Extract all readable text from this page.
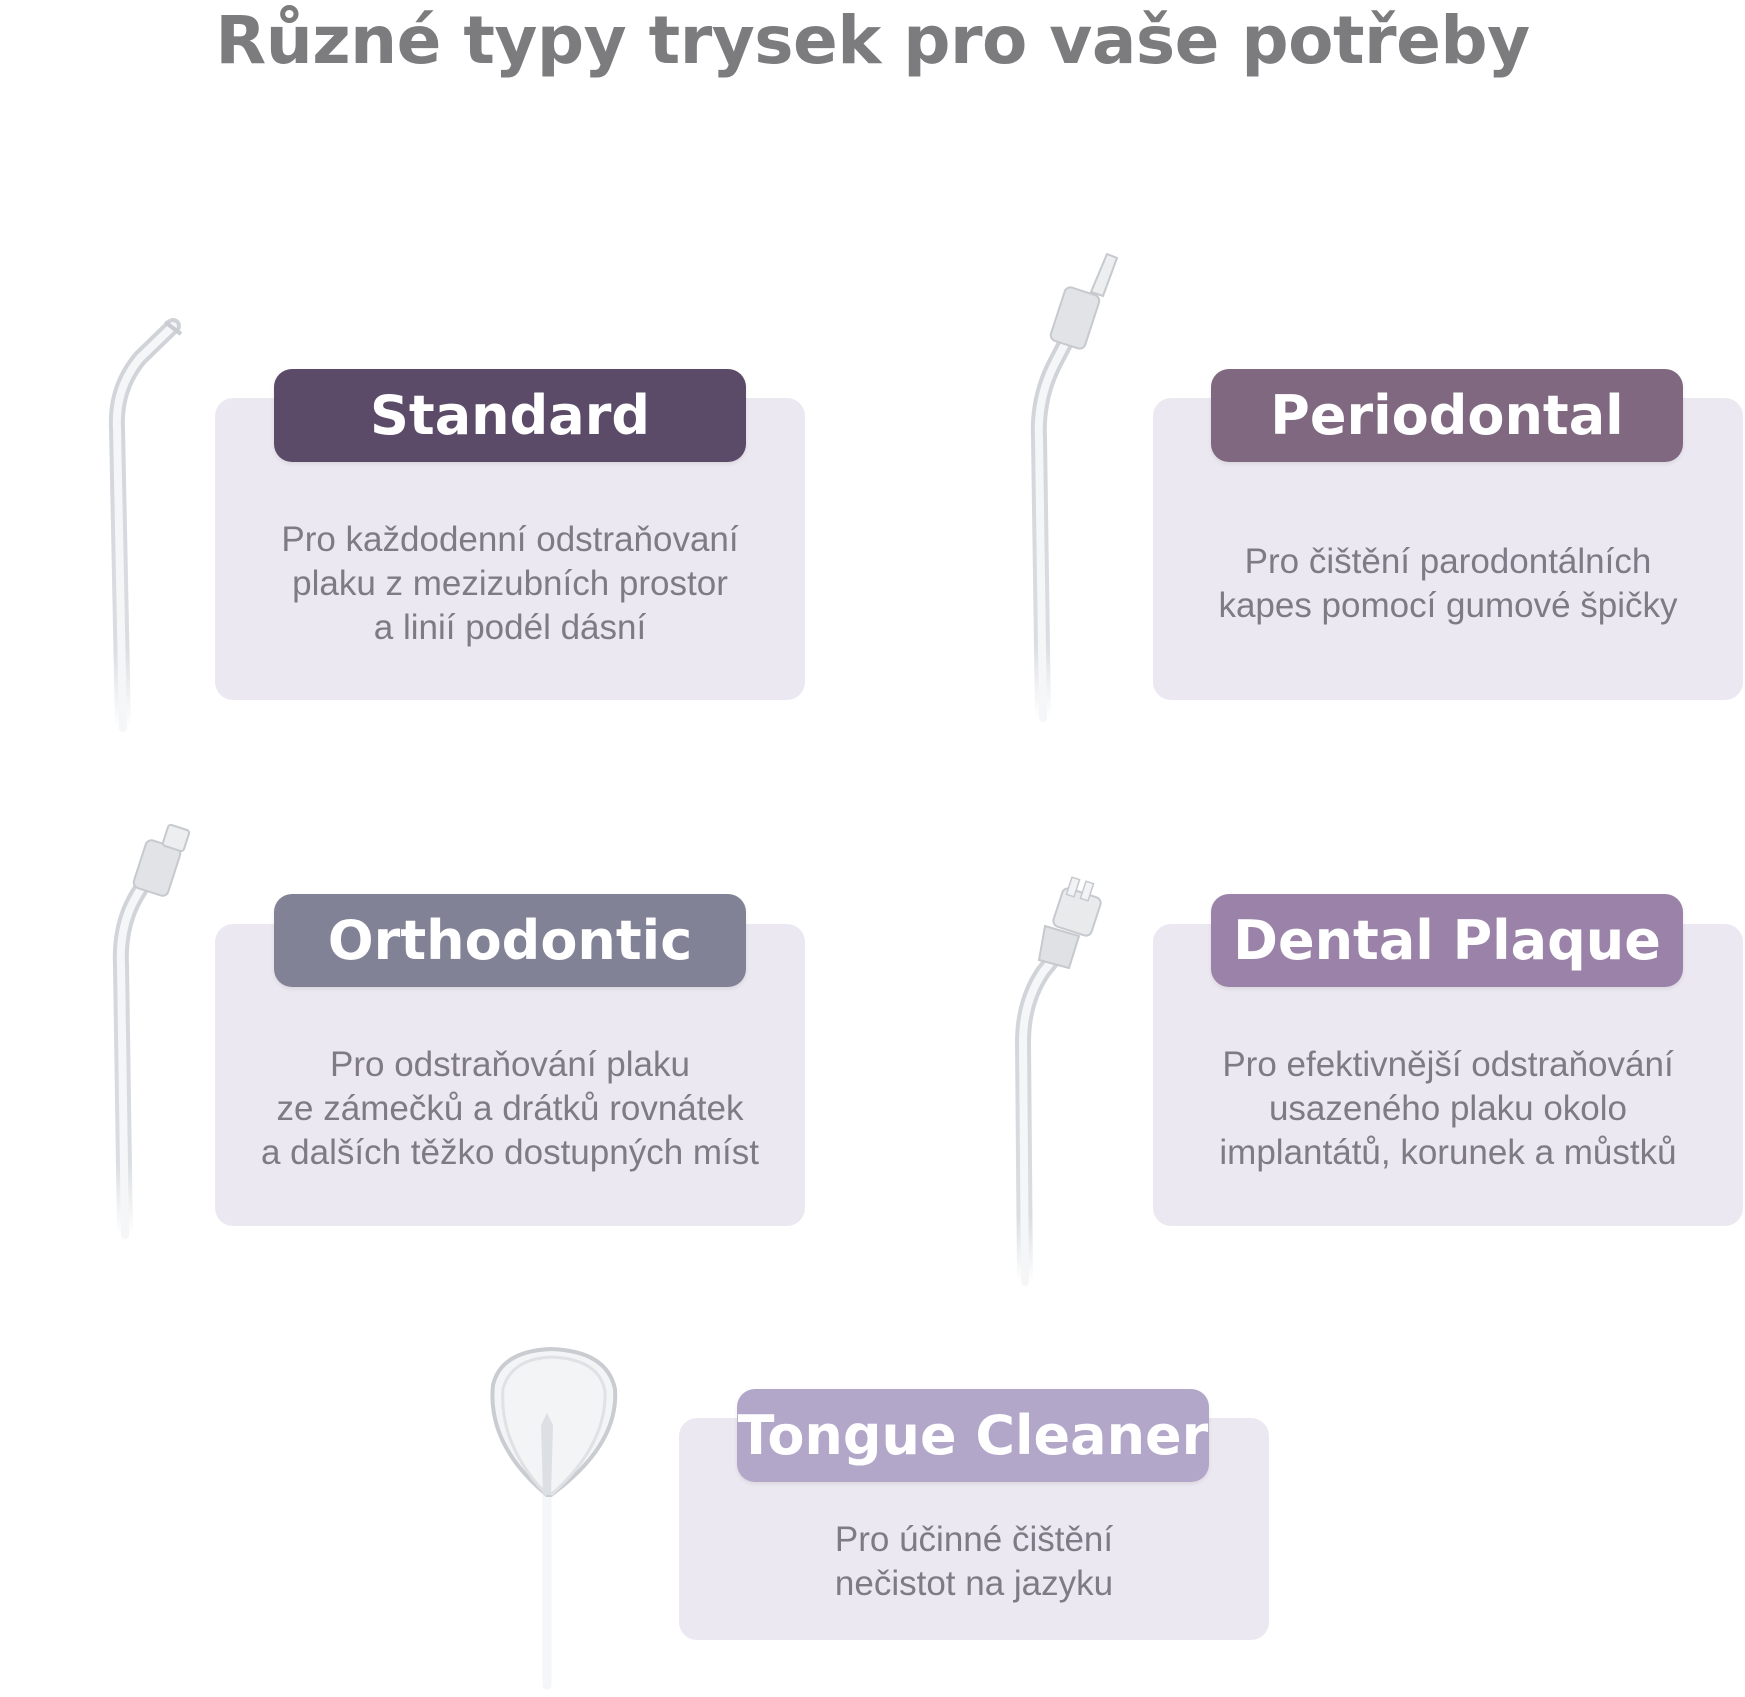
Různé typy trysek pro vaše potřeby
Standard

Pro každodenní odstraňovaní
plaku z mezizubních prostor
a linií podél dásní

Periodontal

Pro čištění parodontálních
kapes pomocí gumové špičky

Orthodontic

Pro odstraňování plaku
ze zámečků a drátků rovnátek
a dalších těžko dostupných míst

Dental Plaque

Pro efektivnější odstraňování
usazeného plaku okolo
implantátů, korunek a můstků

Tongue Cleaner

Pro účinné čištění
nečistot na jazyku
